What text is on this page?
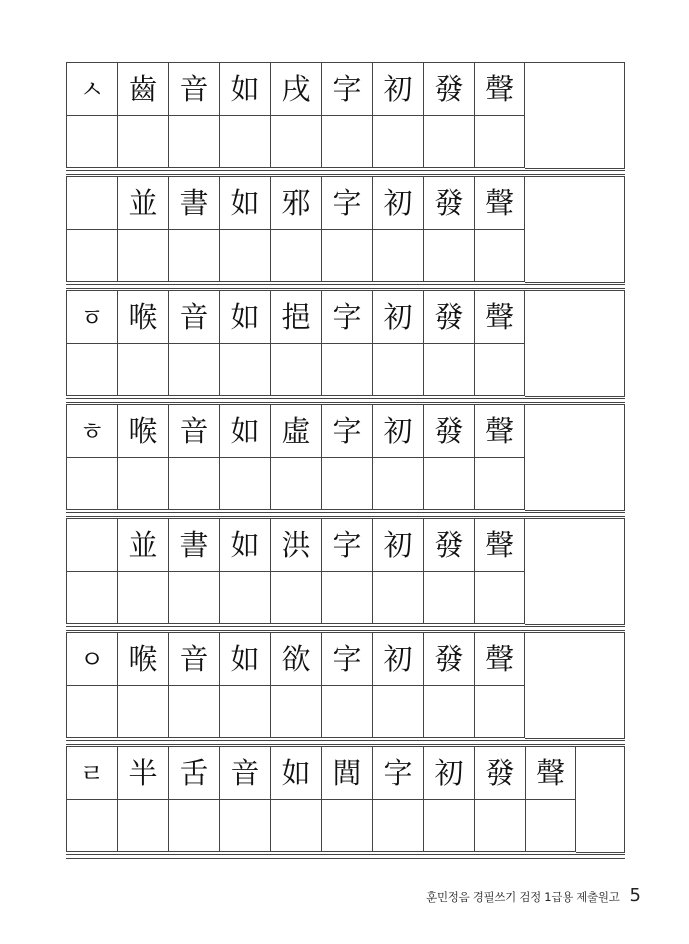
ㅅ 齒 音 如 戌 字 初 發 聲
並 書 如 邪 字 初 發 聲
ㆆ 喉 音 如 挹 字 初 發 聲
ㅎ 喉 音 如 虛 字 初 發 聲
並 書 如 洪 字 初 發 聲
ㅇ 喉 音 如 欲 字 初 發 聲
ㄹ 半 舌 音 如 閭 字 初 發 聲
훈민정음 경필쓰기 검정 1급용 제출원고 5
